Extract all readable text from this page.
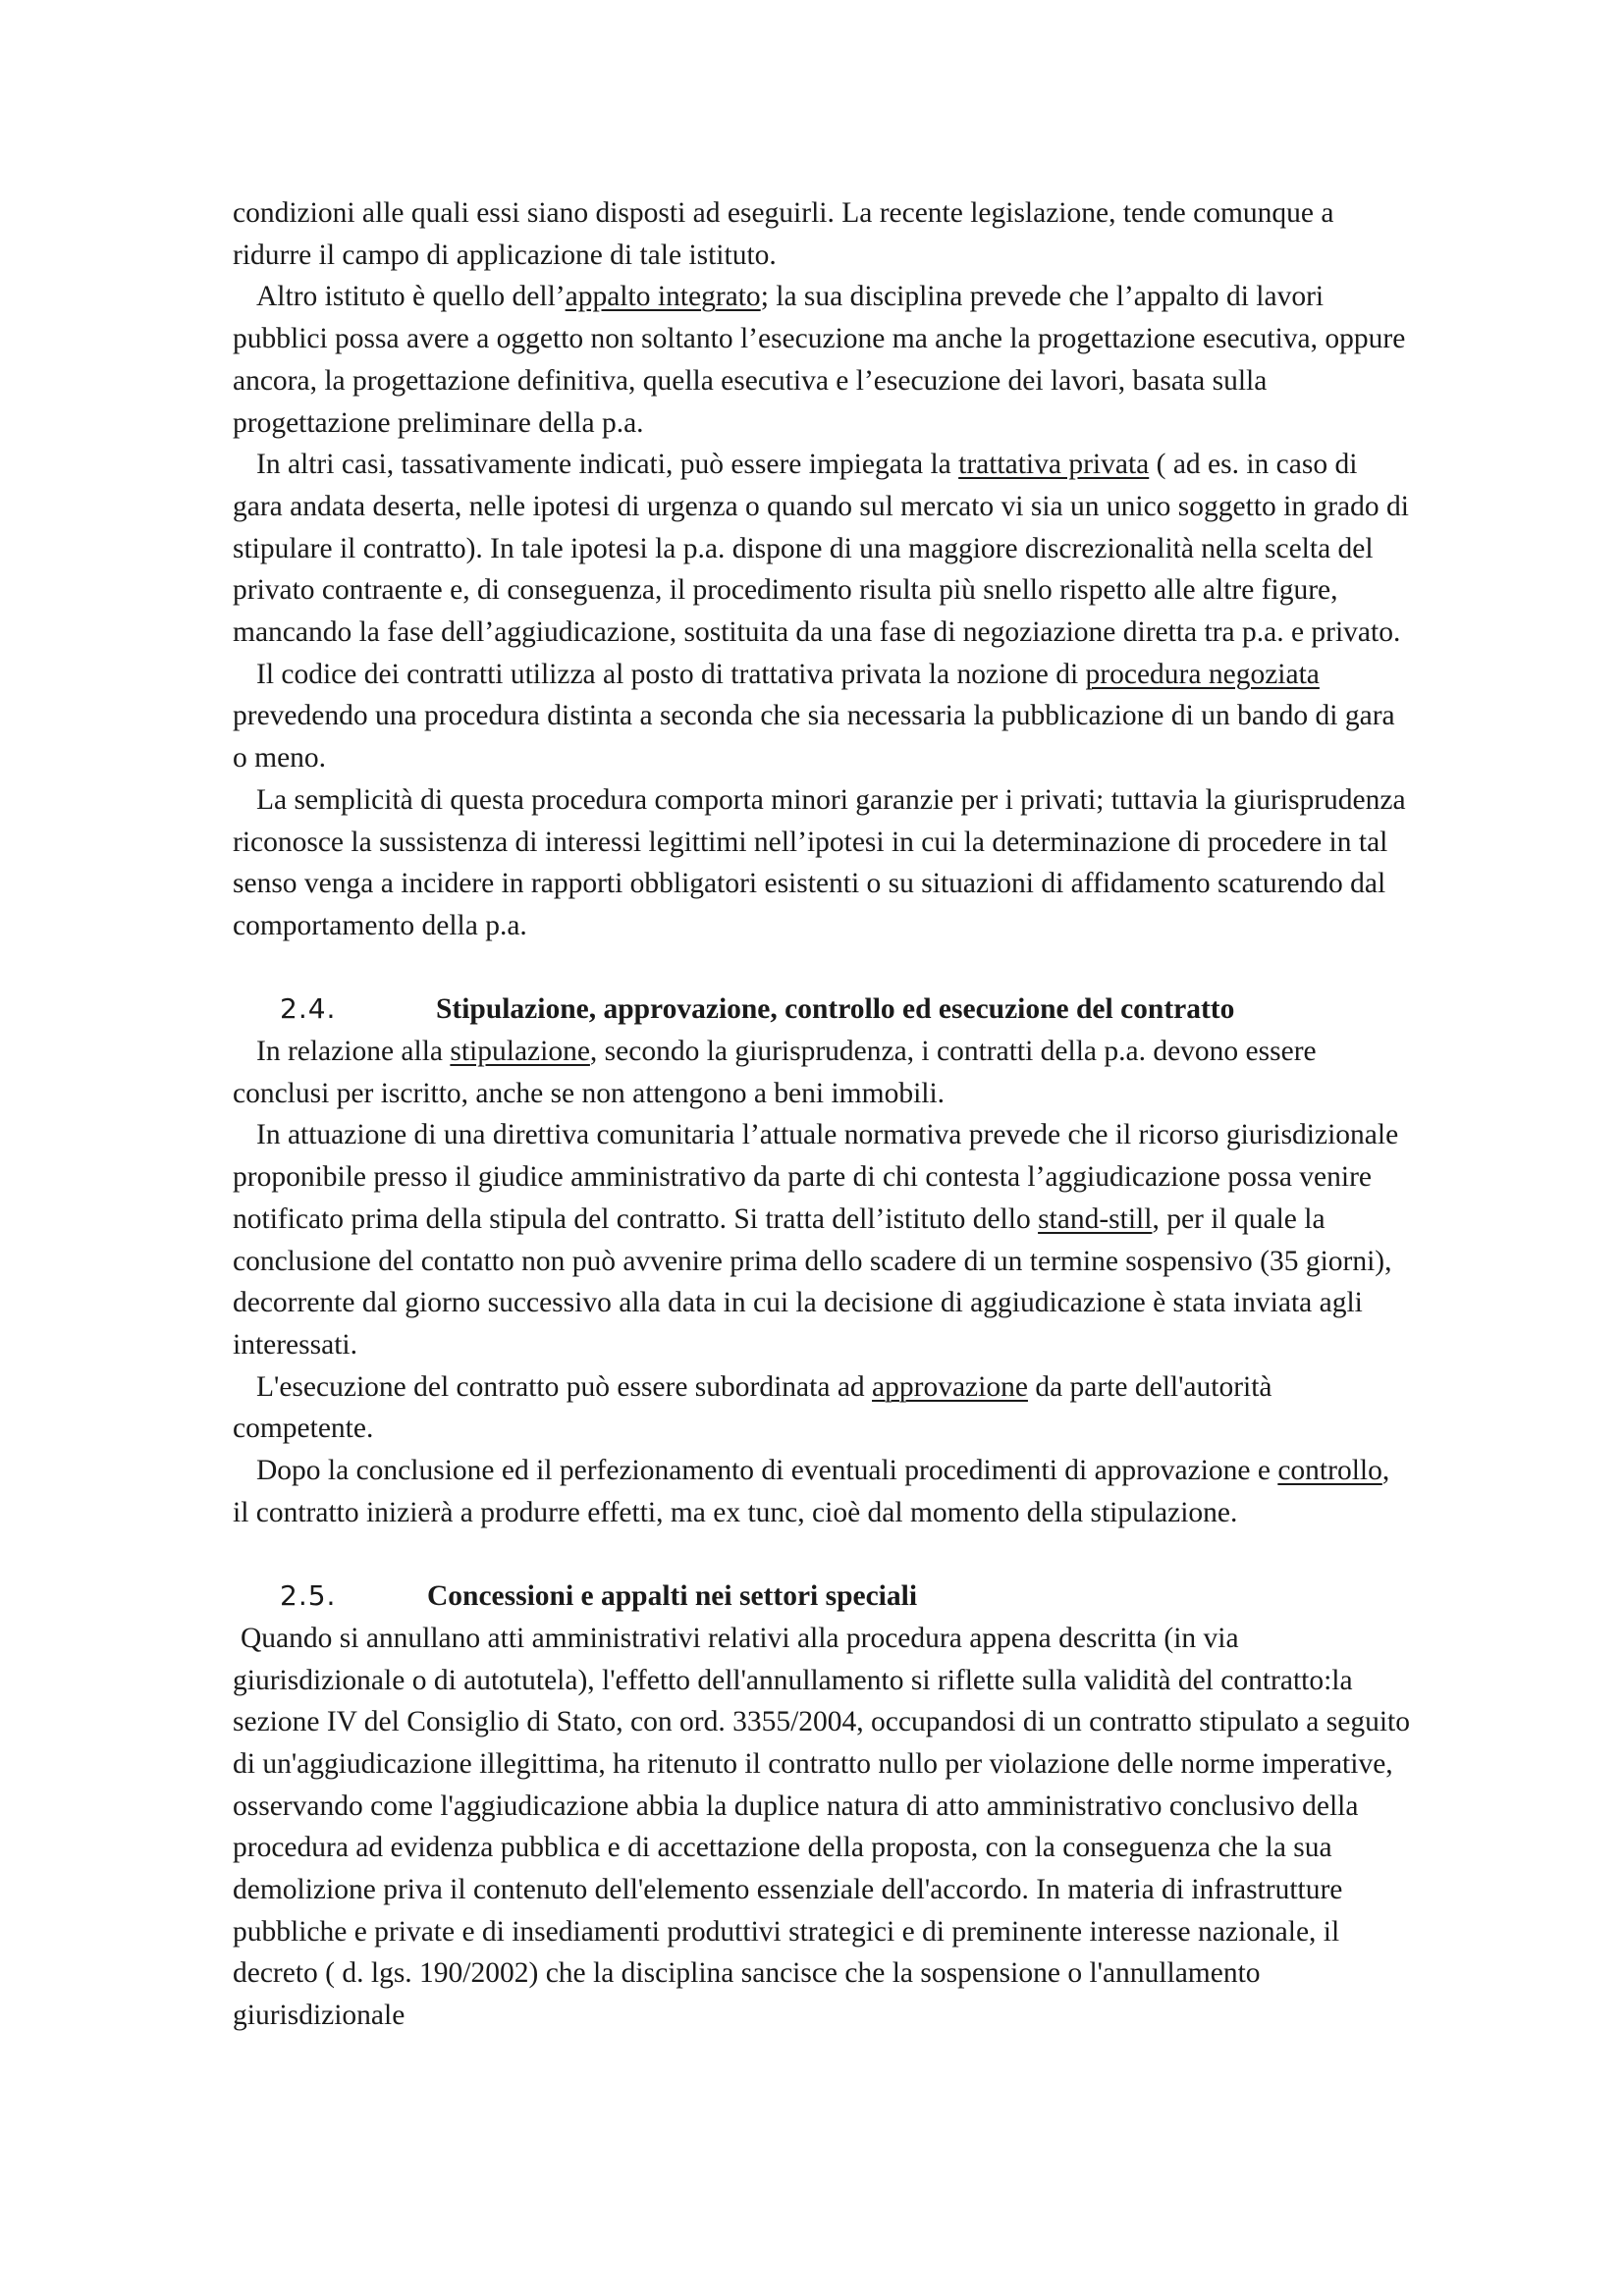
condizioni alle quali essi siano disposti ad eseguirli. La recente legislazione, tende comunque a ridurre il campo di applicazione di tale istituto.

Altro istituto è quello dell’appalto integrato; la sua disciplina prevede che l’appalto di lavori pubblici possa avere a oggetto non soltanto l’esecuzione ma anche la progettazione esecutiva, oppure ancora, la progettazione definitiva, quella esecutiva e l’esecuzione dei lavori, basata sulla progettazione preliminare della p.a.

In altri casi, tassativamente indicati, può essere impiegata la trattativa privata ( ad es. in caso di gara andata deserta, nelle ipotesi di urgenza o quando sul mercato vi sia un unico soggetto in grado di stipulare il contratto). In tale ipotesi la p.a. dispone di una maggiore discrezionalità nella scelta del privato contraente e, di conseguenza, il procedimento risulta più snello rispetto alle altre figure, mancando la fase dell’aggiudicazione, sostituita da una fase di negoziazione diretta tra p.a. e privato.

Il codice dei contratti utilizza al posto di trattativa privata la nozione di procedura negoziata prevedendo una procedura distinta a seconda che sia necessaria la pubblicazione di un bando di gara o meno.

La semplicità di questa procedura comporta minori garanzie per i privati; tuttavia la giurisprudenza riconosce la sussistenza di interessi legittimi nell’ipotesi in cui la determinazione di procedere in tal senso venga a incidere in rapporti obbligatori esistenti o su situazioni di affidamento scaturendo dal comportamento della p.a.

2.4.	Stipulazione, approvazione, controllo ed esecuzione del contratto

In relazione alla stipulazione, secondo la giurisprudenza, i contratti della p.a. devono essere conclusi per iscritto, anche se non attengono a beni immobili.

In attuazione di una direttiva comunitaria l’attuale normativa prevede che il ricorso giurisdizionale proponibile presso il giudice amministrativo da parte di chi contesta l’aggiudicazione possa venire notificato prima della stipula del contratto. Si tratta dell’istituto dello stand-still, per il quale la conclusione del contatto non può avvenire prima dello scadere di un termine sospensivo (35 giorni), decorrente dal giorno successivo alla data in cui la decisione di aggiudicazione è stata inviata agli interessati.

L'esecuzione del contratto può essere subordinata ad approvazione da parte dell'autorità competente.

Dopo la conclusione ed il perfezionamento di eventuali procedimenti di approvazione e controllo, il contratto inizierà a produrre effetti, ma ex tunc, cioè dal momento della stipulazione.

2.5.	Concessioni e appalti nei settori speciali

Quando si annullano atti amministrativi relativi alla procedura appena descritta (in via giurisdizionale o di autotutela), l'effetto dell'annullamento si riflette sulla validità del contratto:la sezione IV del Consiglio di Stato, con ord. 3355/2004, occupandosi di un contratto stipulato a seguito di un'aggiudicazione illegittima, ha ritenuto il contratto nullo per violazione delle norme imperative, osservando come l'aggiudicazione abbia la duplice natura di atto amministrativo conclusivo della procedura ad evidenza pubblica e di accettazione della proposta, con la conseguenza che la sua demolizione priva il contenuto dell'elemento essenziale dell'accordo. In materia di infrastrutture pubbliche e private e di insediamenti produttivi strategici e di preminente interesse nazionale, il decreto ( d. lgs. 190/2002) che la disciplina sancisce che la sospensione o l'annullamento giurisdizionale
